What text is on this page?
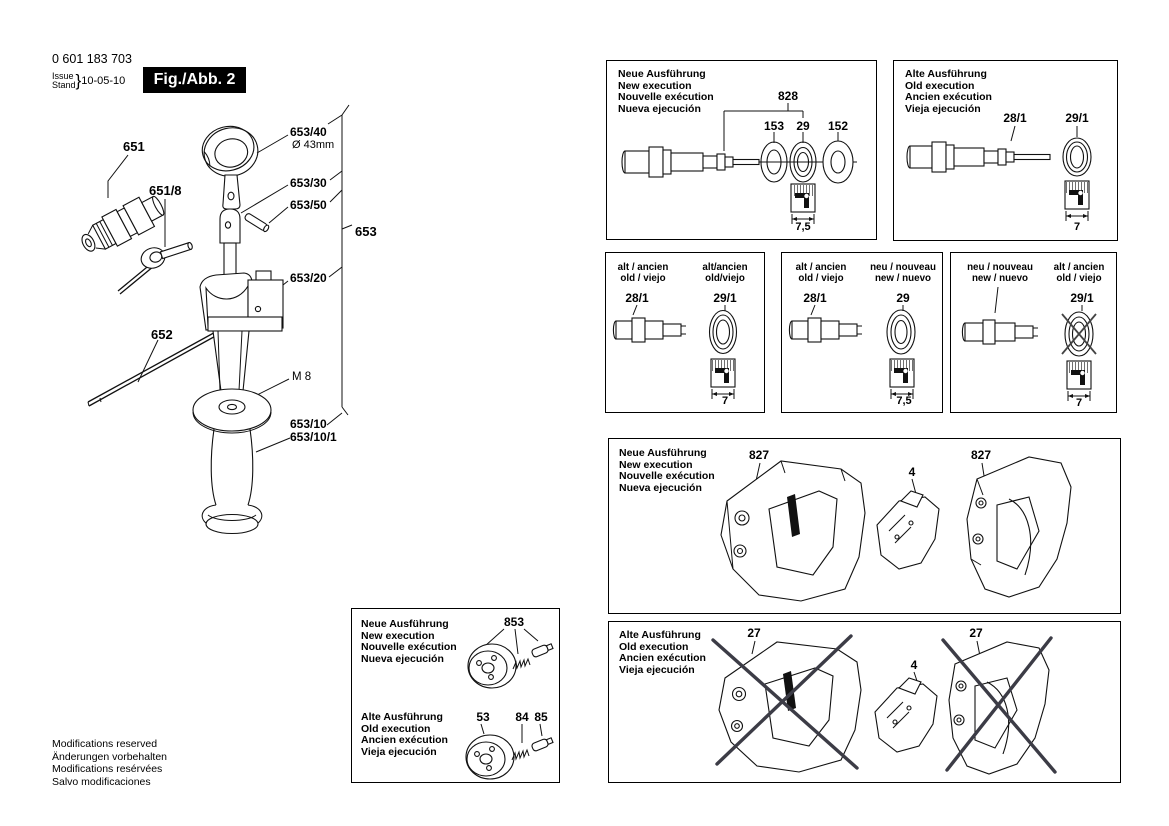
0 601 183 703
Issue
Stand }10-05-10	Fig./Abb. 2
651
651/8
653/40
Ø 43mm
653/30
653/50
653
653/20
652
M 8
653/10
653/10/1
Neue Ausführung
New execution
Nouvelle exécution
Nueva ejecución
828
153 29 152
7,5
Alte Ausführung
Old execution
Ancien exécution
Vieja ejecución
28/1	29/1
7
alt / ancien
old / viejo
alt/ancien
old/viejo
28/1	29/1
7
alt / ancien
old / viejo
neu / nouveau
new / nuevo
28/1	29
7,5
neu / nouveau
new / nuevo
alt / ancien
old / viejo
29/1
7
Neue Ausführung
New execution
Nouvelle exécution
Nueva ejecución
827
4
827
Alte Ausführung
Old execution
Ancien exécution
Vieja ejecución
27
4
27
Neue Ausführung
New execution
Nouvelle exécution
Nueva ejecución
853
Alte Ausführung
Old execution
Ancien exécution
Vieja ejecución
53 84 85
Modifications reserved
Änderungen vorbehalten
Modifications resérvées
Salvo modificaciones
